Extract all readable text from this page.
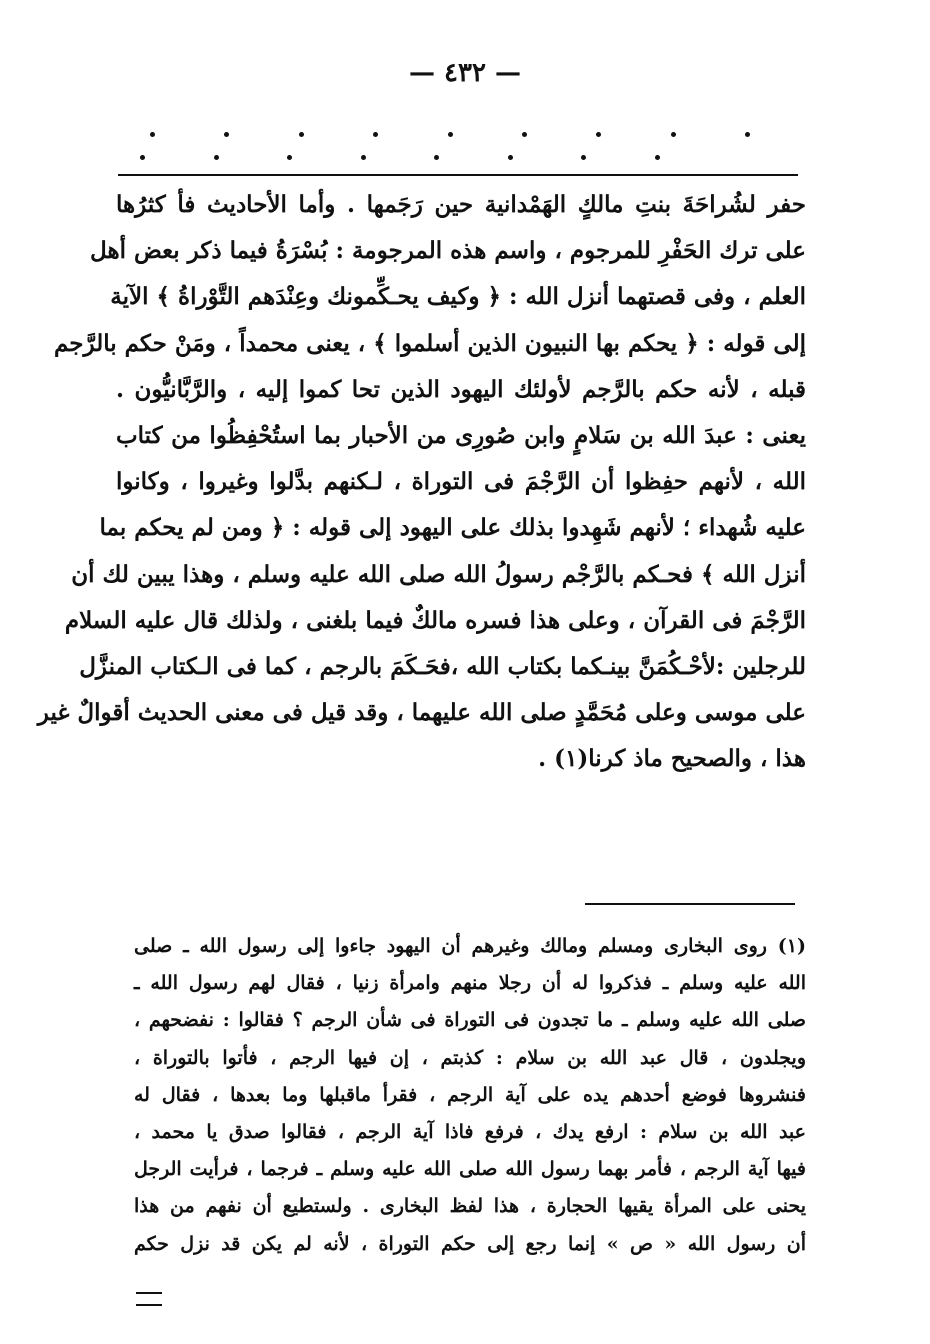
— ٤٣٢ —
حفر لشُراحَةَ بنتِ مالكٍ الهَمْدانية حين رَجَمها . وأما الأحاديث فأ كثرُها
على ترك الحَفْرِ للمرجوم ، واسم هذه المرجومة : بُسْرَةُ فيما ذكر بعض أهل
العلم ، وفى قصتهما أنزل الله : ﴿ وكيف يحـكِّمونك وعِنْدَهم التَّوْراةُ ﴾ الآية
إلى قوله : ﴿ يحكم بها النبيون الذين أسلموا ﴾ ، يعنى محمداً ، ومَنْ حكم بالرَّجم
قبله ، لأنه حكم بالرَّجم لأولئك اليهود الذين تحا كموا إليه ، والرَّبَّانيُّون .
يعنى : عبدَ الله بن سَلامٍ وابن صُورِى من الأحبار بما استُحْفِظُوا من كتاب
الله ، لأنهم حفِظوا أن الرَّجْمَ فى التوراة ، لـكنهم بدَّلوا وغيروا ، وكانوا
عليه شُهداء ؛ لأنهم شَهِدوا بذلك على اليهود إلى قوله : ﴿ ومن لم يحكم بما
أنزل الله ﴾ فحـكم بالرَّجْم رسولُ الله صلى الله عليه وسلم ، وهذا يبين لك أن
الرَّجْمَ فى القرآن ، وعلى هذا فسره مالكٌ فيما بلغنى ، ولذلك قال عليه السلام
للرجلين :لأحْـكُمَنَّ بينـكما بكتاب الله ،فحَـكَمَ بالرجم ، كما فى الـكتاب المنزَّل
على موسى وعلى مُحَمَّدٍ صلى الله عليهما ، وقد قيل فى معنى الحديث أقوالٌ غير
هذا ، والصحيح ماذ كرنا(١) .
(١) روى البخارى ومسلم ومالك وغيرهم أن اليهود جاءوا إلى رسول الله ـ صلى
الله عليه وسلم ـ فذكروا له أن رجلا منهم وامرأة زنيا ، فقال لهم رسول الله ـ
صلى الله عليه وسلم ـ ما تجدون فى التوراة فى شأن الرجم ؟ فقالوا : نفضحهم ،
ويجلدون ، قال عبد الله بن سلام : كذبتم ، إن فيها الرجم ، فأتوا بالتوراة ،
فنشروها فوضع أحدهم يده على آية الرجم ، فقرأ ماقبلها وما بعدها ، فقال له
عبد الله بن سلام : ارفع يدك ، فرفع فاذا آية الرجم ، فقالوا صدق يا محمد ،
فيها آية الرجم ، فأمر بهما رسول الله صلى الله عليه وسلم ـ فرجما ، فرأيت الرجل
يحنى على المرأة يقيها الحجارة ، هذا لفظ البخارى . ولستطيع أن نفهم من هذا
أن رسول الله « ص » إنما رجع إلى حكم التوراة ، لأنه لم يكن قد نزل حكم
